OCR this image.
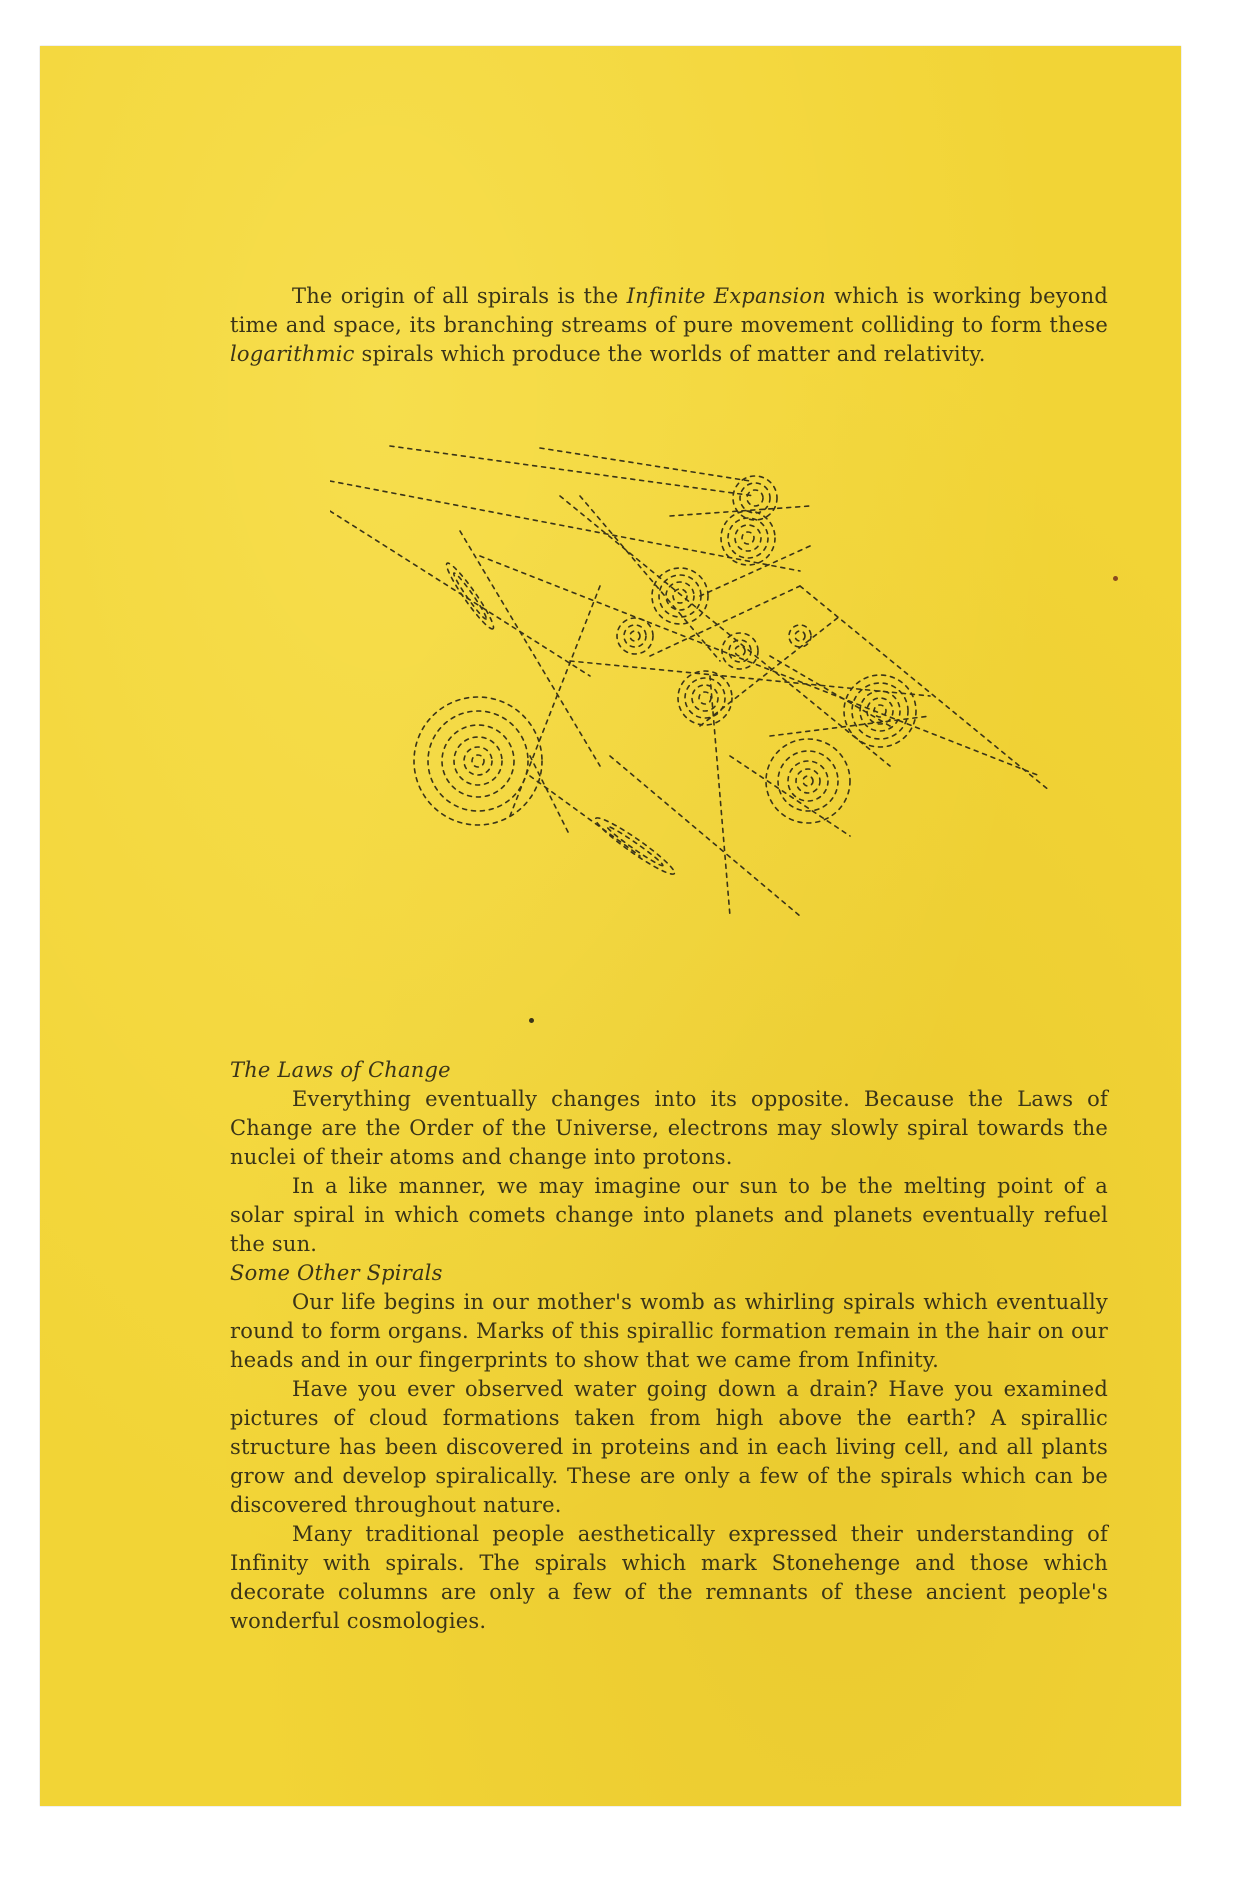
The origin of all spirals is the Infinite Expansion which is working beyond time and space, its branching streams of pure movement colliding to form these logarithmic spirals which produce the worlds of matter and relativity.

The Laws of Change

Everything eventually changes into its opposite. Because the Laws of Change are the Order of the Universe, electrons may slowly spiral towards the nuclei of their atoms and change into protons.

In a like manner, we may imagine our sun to be the melting point of a solar spiral in which comets change into planets and planets eventually refuel the sun.

Some Other Spirals

Our life begins in our mother's womb as whirling spirals which eventually round to form organs. Marks of this spirallic formation remain in the hair on our heads and in our fingerprints to show that we came from Infinity.

Have you ever observed water going down a drain? Have you examined pictures of cloud formations taken from high above the earth? A spirallic structure has been discovered in proteins and in each living cell, and all plants grow and develop spiralically. These are only a few of the spirals which can be discovered throughout nature.

Many traditional people aesthetically expressed their understanding of Infinity with spirals. The spirals which mark Stonehenge and those which decorate columns are only a few of the remnants of these ancient people's wonderful cosmologies.
